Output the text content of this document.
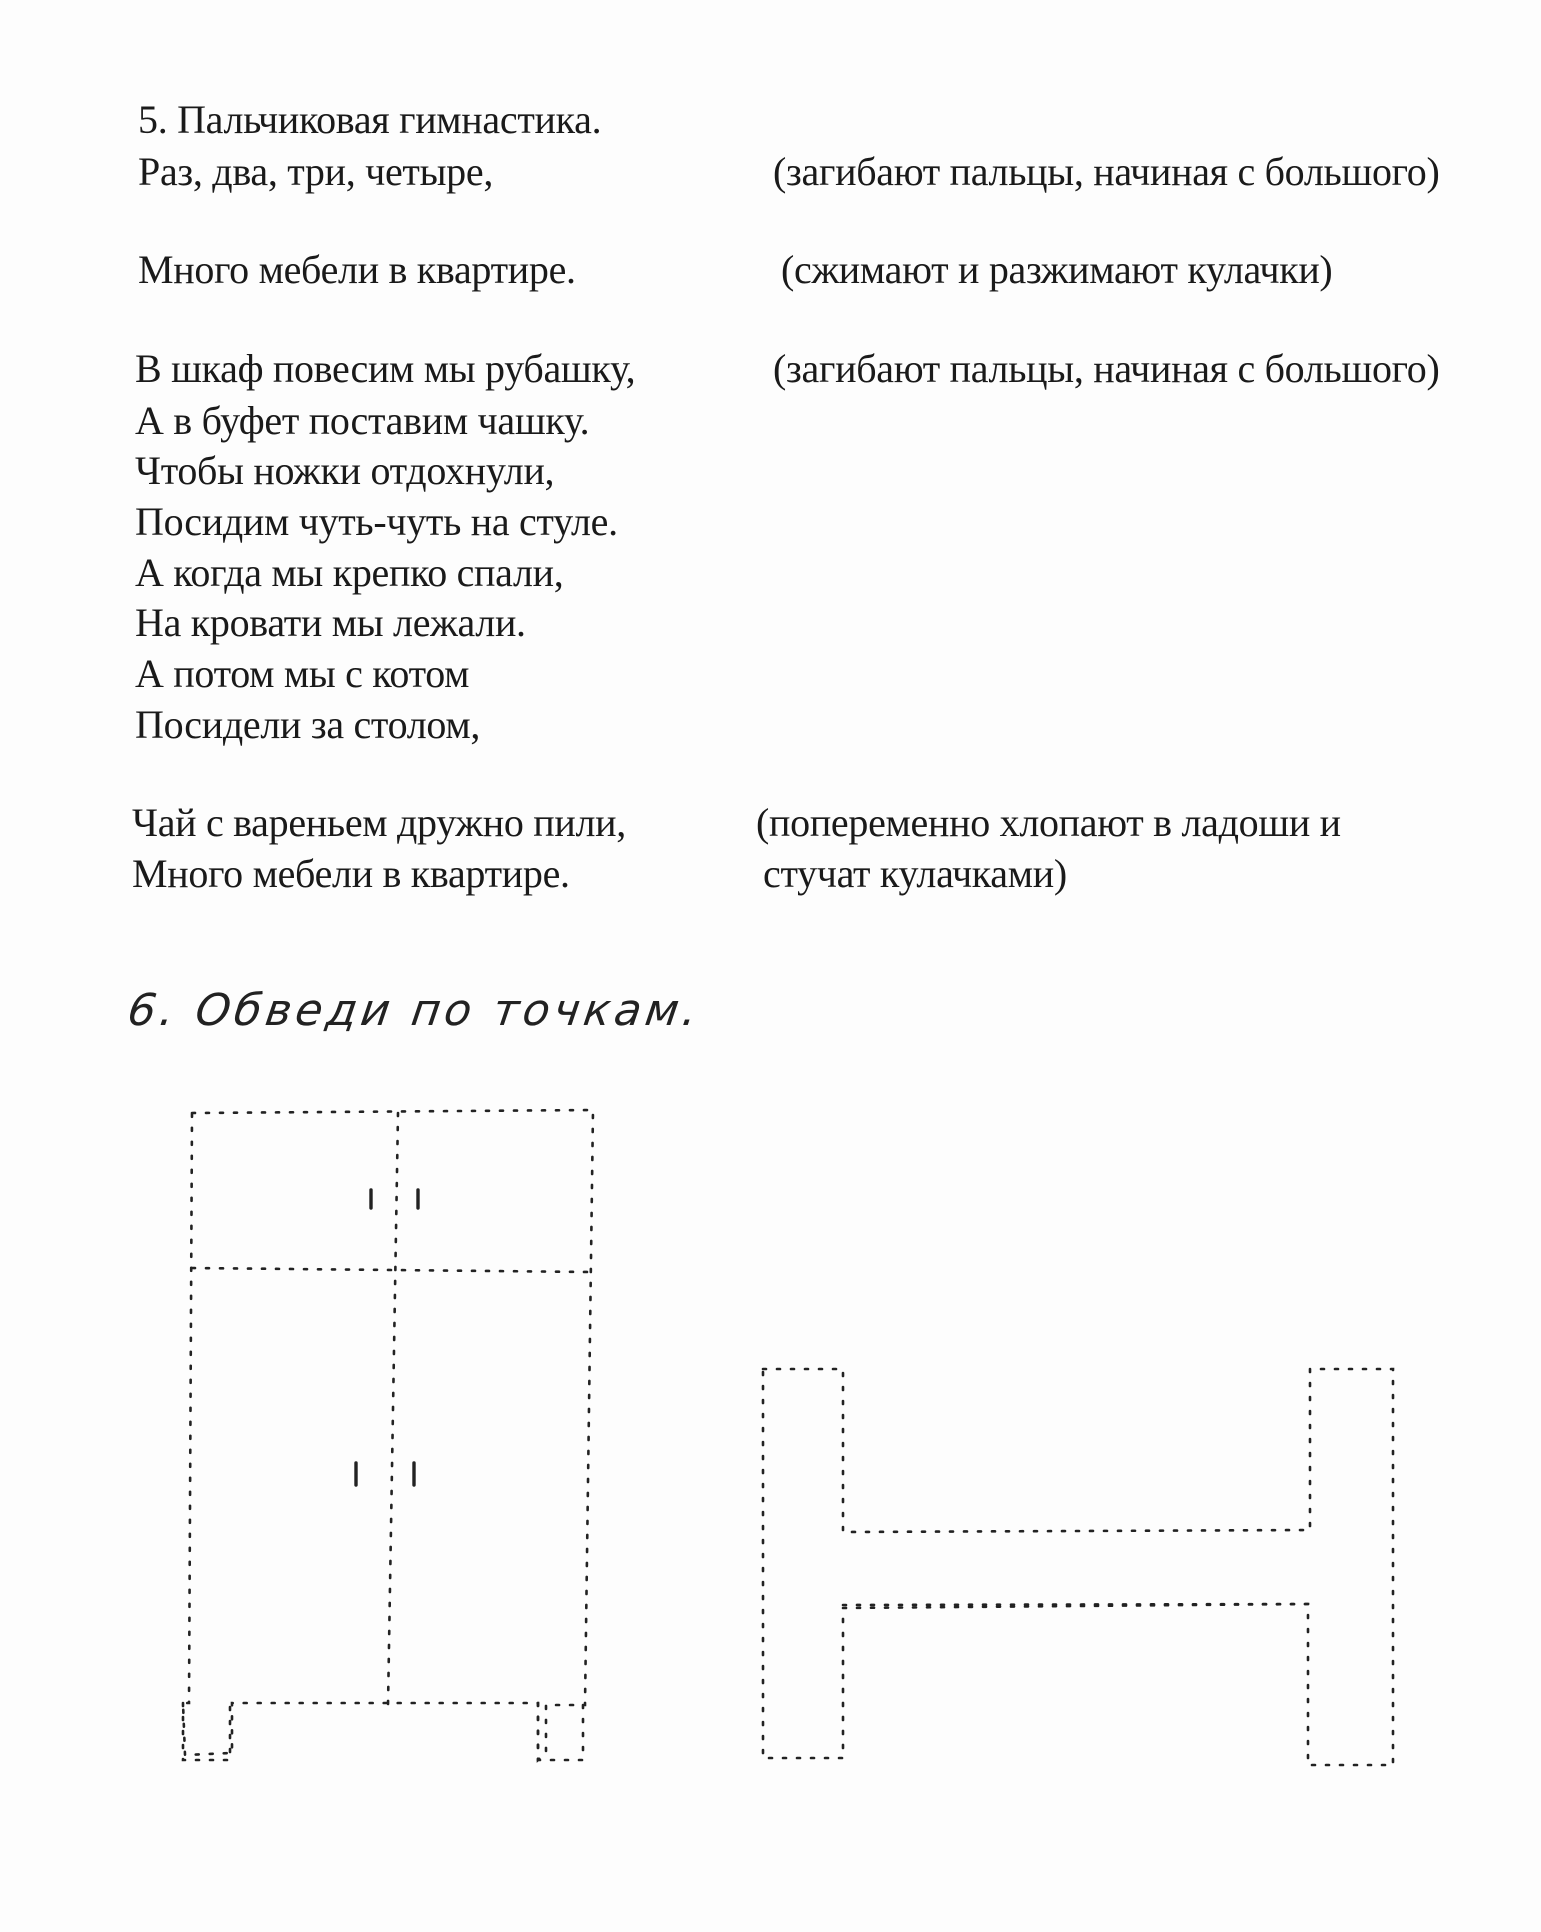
5. Пальчиковая гимнастика.
Раз, два, три, четыре,	(загибают пальцы, начиная с большого)
Много мебели в квартире.	(сжимают и разжимают кулачки)
В шкаф повесим мы рубашку,	(загибают пальцы, начиная с большого)
А в буфет поставим чашку.
Чтобы ножки отдохнули,
Посидим чуть-чуть на стуле.
А когда мы крепко спали,
На кровати мы лежали.
А потом мы с котом
Посидели за столом,
Чай с вареньем дружно пили,	(попеременно хлопают в ладоши и
Много мебели в квартире.	стучат кулачками)
6. Обведи по точкам.
